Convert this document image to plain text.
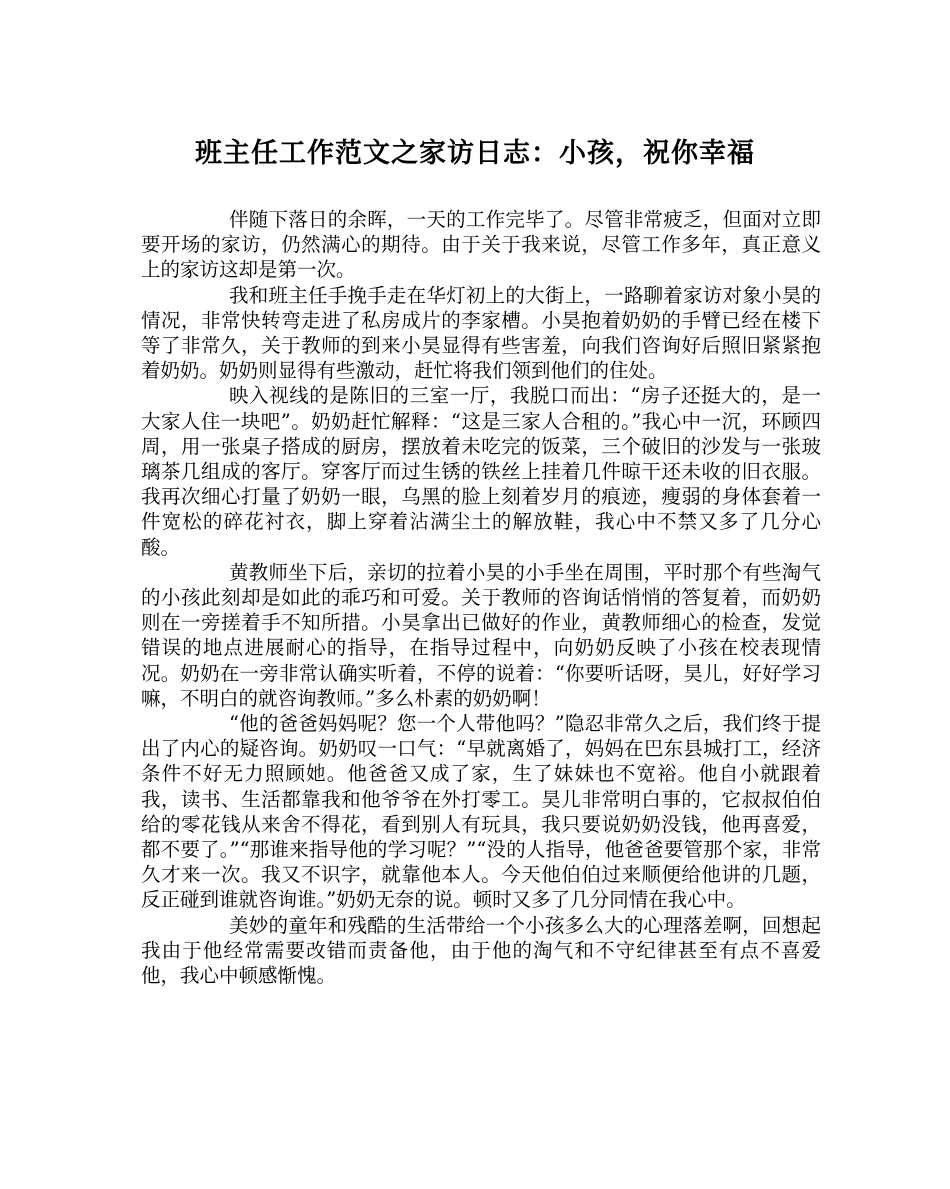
班主任工作范文之家访日志：小孩，祝你幸福

伴随下落日的余晖，一天的工作完毕了。尽管非常疲乏，但面对立即要开场的家访，仍然满心的期待。由于关于我来说，尽管工作多年，真正意义上的家访这却是第一次。

我和班主任手挽手走在华灯初上的大街上，一路聊着家访对象小昊的情况，非常快转弯走进了私房成片的李家槽。小昊抱着奶奶的手臂已经在楼下等了非常久，关于教师的到来小昊显得有些害羞，向我们咨询好后照旧紧紧抱着奶奶。奶奶则显得有些激动，赶忙将我们领到他们的住处。

映入视线的是陈旧的三室一厅，我脱口而出：“房子还挺大的，是一大家人住一块吧”。奶奶赶忙解释：“这是三家人合租的。”我心中一沉，环顾四周，用一张桌子搭成的厨房，摆放着未吃完的饭菜，三个破旧的沙发与一张玻璃茶几组成的客厅。穿客厅而过生锈的铁丝上挂着几件晾干还未收的旧衣服。我再次细心打量了奶奶一眼，乌黑的脸上刻着岁月的痕迹，瘦弱的身体套着一件宽松的碎花衬衣，脚上穿着沾满尘土的解放鞋，我心中不禁又多了几分心酸。

黄教师坐下后，亲切的拉着小昊的小手坐在周围，平时那个有些淘气的小孩此刻却是如此的乖巧和可爱。关于教师的咨询话悄悄的答复着，而奶奶则在一旁搓着手不知所措。小昊拿出已做好的作业，黄教师细心的检查，发觉错误的地点进展耐心的指导，在指导过程中，向奶奶反映了小孩在校表现情况。奶奶在一旁非常认确实听着，不停的说着：“你要听话呀，昊儿，好好学习嘛，不明白的就咨询教师。”多么朴素的奶奶啊！

“他的爸爸妈妈呢？您一个人带他吗？”隐忍非常久之后，我们终于提出了内心的疑咨询。奶奶叹一口气：“早就离婚了，妈妈在巴东县城打工，经济条件不好无力照顾她。他爸爸又成了家，生了妹妹也不宽裕。他自小就跟着我，读书、生活都靠我和他爷爷在外打零工。昊儿非常明白事的，它叔叔伯伯给的零花钱从来舍不得花，看到别人有玩具，我只要说奶奶没钱，他再喜爱，都不要了。”“那谁来指导他的学习呢？”“没的人指导，他爸爸要管那个家，非常久才来一次。我又不识字，就靠他本人。今天他伯伯过来顺便给他讲的几题，反正碰到谁就咨询谁。”奶奶无奈的说。顿时又多了几分同情在我心中。

美妙的童年和残酷的生活带给一个小孩多么大的心理落差啊，回想起我由于他经常需要改错而责备他，由于他的淘气和不守纪律甚至有点不喜爱他，我心中顿感惭愧。
